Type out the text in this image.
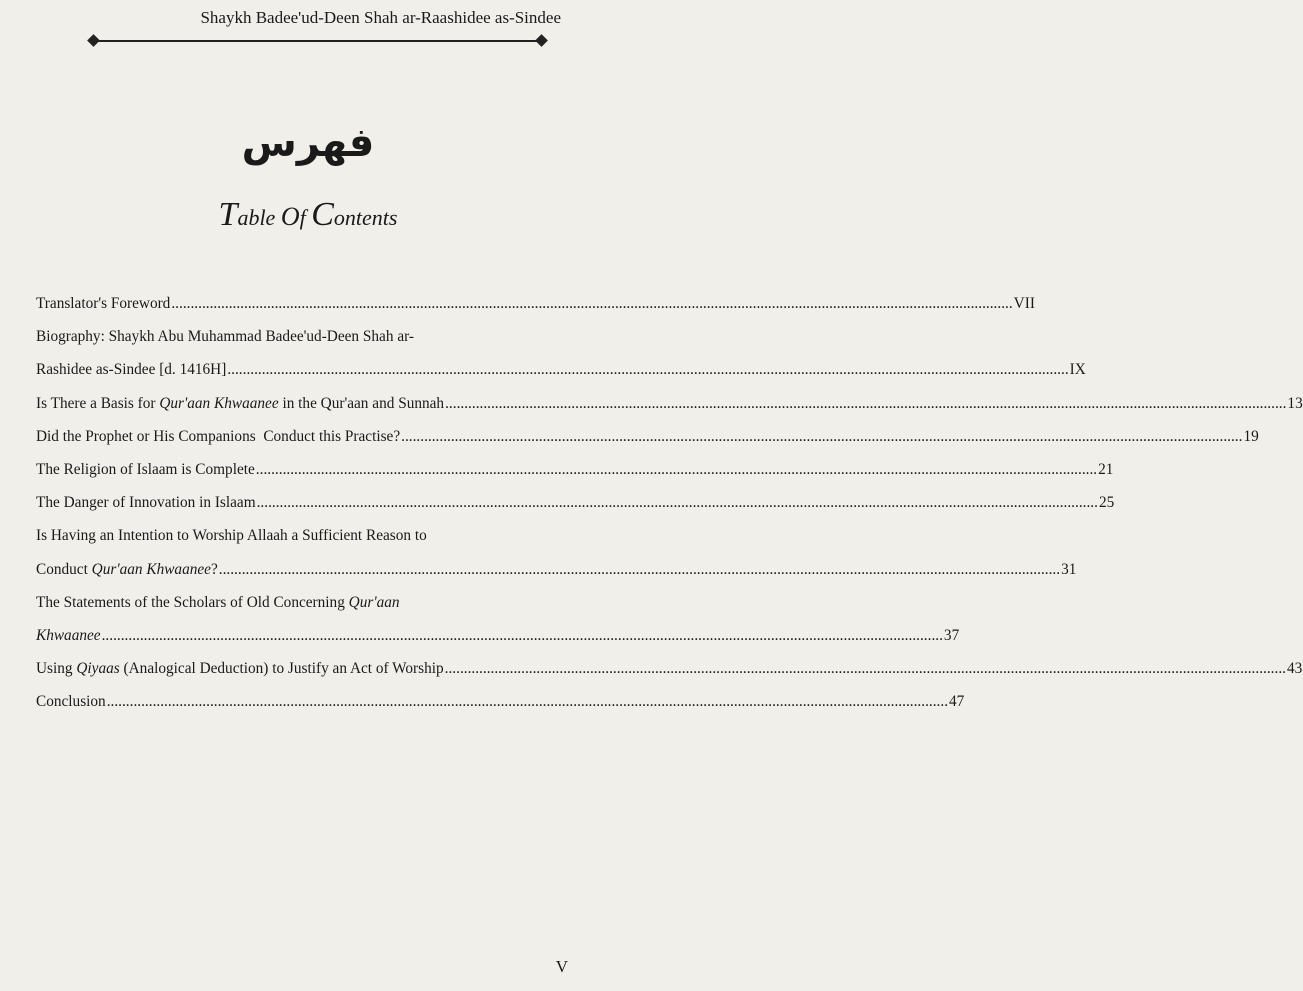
Shaykh Badee'ud-Deen Shah ar-Raashidee as-Sindee
فهرس
Table Of Contents
Translator's Foreword ............................................................................................................................................................................................................................ VII
Biography: Shaykh Abu Muhammad Badee'ud-Deen Shah ar-
Rashidee as-Sindee [d. 1416H] ............................................................................................................................................................................................................................ IX
Is There a Basis for Qur'aan Khwaanee in the Qur'aan and Sunnah ............................................................................................................................................................................................................................ 13
Did the Prophet or His Companions  Conduct this Practise? ............................................................................................................................................................................................................................ 19
The Religion of Islaam is Complete ............................................................................................................................................................................................................................ 21
The Danger of Innovation in Islaam ............................................................................................................................................................................................................................ 25
Is Having an Intention to Worship Allaah a Sufficient Reason to
Conduct Qur'aan Khwaanee? ............................................................................................................................................................................................................................ 31
The Statements of the Scholars of Old Concerning Qur'aan
Khwaanee ............................................................................................................................................................................................................................ 37
Using Qiyaas (Analogical Deduction) to Justify an Act of Worship ............................................................................................................................................................................................................................ 43
Conclusion ............................................................................................................................................................................................................................ 47
V
